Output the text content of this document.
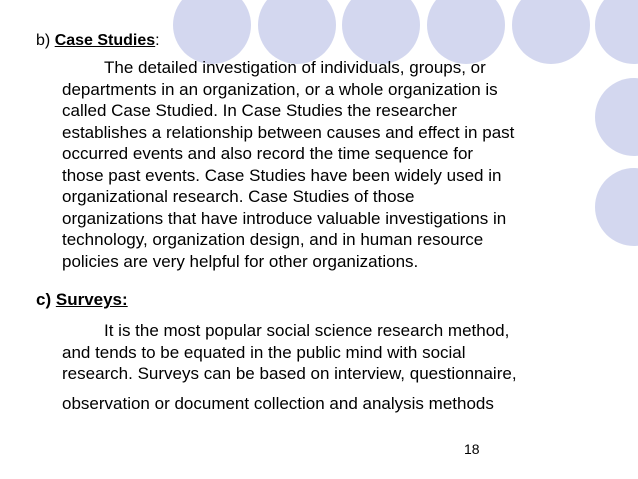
b) Case Studies:
The detailed investigation of individuals, groups, or
departments in an organization, or a whole organization is
called Case Studied. In Case Studies the researcher
establishes a relationship between causes and effect in past
occurred events and also record the time sequence for
those past events. Case Studies have been widely used in
organizational research. Case Studies of those
organizations that have introduce valuable investigations in
technology, organization design, and in human resource
policies are very helpful for other organizations.
c) Surveys:
It is the most popular social science research method,
and tends to be equated in the public mind with social
research. Surveys can be based on interview, questionnaire,
observation or document collection and analysis methods
18
